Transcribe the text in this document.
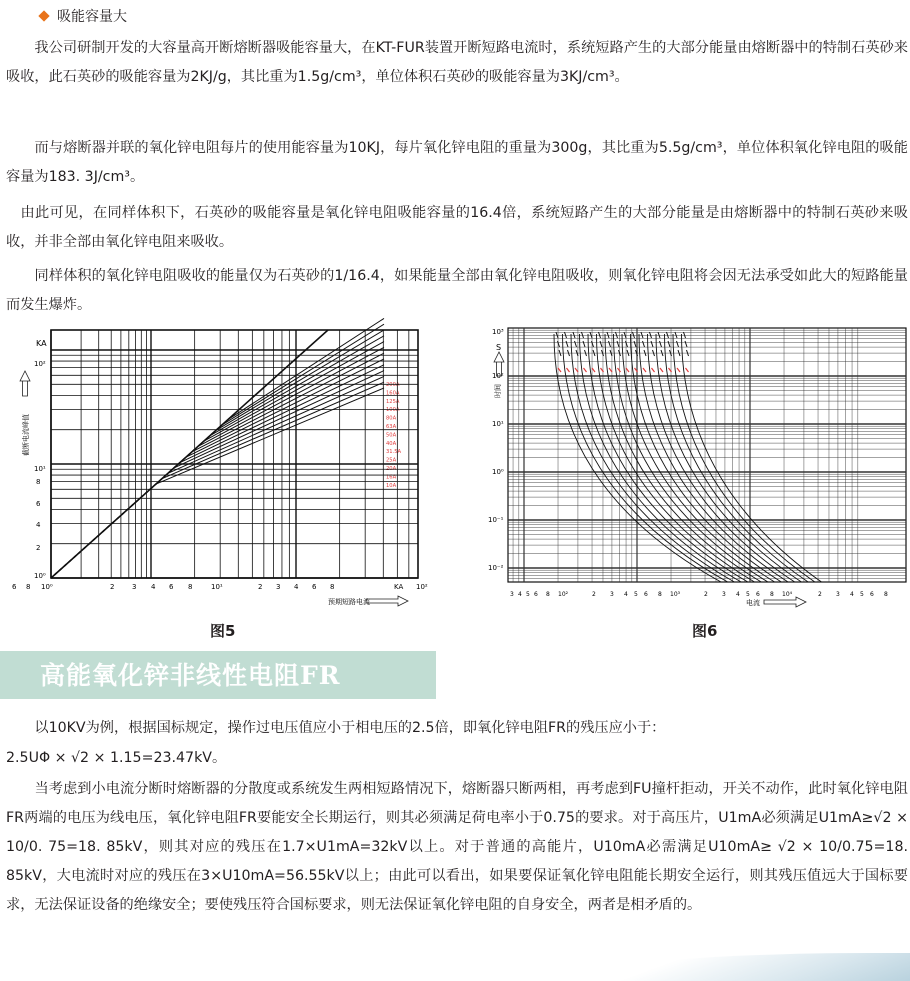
吸能容量大

　　我公司研制开发的大容量高开断熔断器吸能容量大，在KT-FUR装置开断短路电流时，系统短路产生的大部分能量由熔断器中的特制石英砂来吸收，此石英砂的吸能容量为2KJ/g，其比重为1.5g/cm³，单位体积石英砂的吸能容量为3KJ/cm³。

　　而与熔断器并联的氧化锌电阻每片的使用能容量为10KJ，每片氧化锌电阻的重量为300g，其比重为5.5g/cm³，单位体积氧化锌电阻的吸能容量为183. 3J/cm³。

　由此可见，在同样体积下，石英砂的吸能容量是氧化锌电阻吸能容量的16.4倍，系统短路产生的大部分能量是由熔断器中的特制石英砂来吸收，并非全部由氧化锌电阻来吸收。

　　同样体积的氧化锌电阻吸收的能量仅为石英砂的1/16.4，如果能量全部由氧化锌电阻吸收，则氧化锌电阻将会因无法承受如此大的短路能量而发生爆炸。

KA
10²
10¹
8
6
4
2
10⁰
截断电流峰值
6 8 10⁰	2	3 4 6 8	10¹	2 3 4 6 8	KA 10²
预期短路电流
200A
160A
125A
100A
80A
63A
50A
40A
31.5A
25A
20A
16A
10A
图5
10³
S
10²
10¹
10⁰
10⁻¹
10⁻²
时间
3 4 5 6 8 10²	2 3 4 5 6 8 10³	2 3 4 5 6 8 10⁴	2 3 4 5 6 8
电流
图6
高能氧化锌非线性电阻FR

　　以10KV为例，根据国标规定，操作过电压值应小于相电压的2.5倍，即氧化锌电阻FR的残压应小于：

2.5UΦ × √2 × 1.15=23.47kV。

　　当考虑到小电流分断时熔断器的分散度或系统发生两相短路情况下，熔断器只断两相，再考虑到FU撞杆拒动，开关不动作，此时氧化锌电阻FR两端的电压为线电压，氧化锌电阻FR要能安全长期运行，则其必须满足荷电率小于0.75的要求。对于高压片，U1mA必须满足U1mA≥√2 × 10/0. 75=18. 85kV，则其对应的残压在1.7×U1mA=32kV以上。对于普通的高能片，U10mA必需满足U10mA≥ √2 × 10/0.75=18. 85kV，大电流时对应的残压在3×U10mA=56.55kV以上；由此可以看出，如果要保证氧化锌电阻能长期安全运行，则其残压值远大于国标要求，无法保证设备的绝缘安全；要使残压符合国标要求，则无法保证氧化锌电阻的自身安全，两者是相矛盾的。
